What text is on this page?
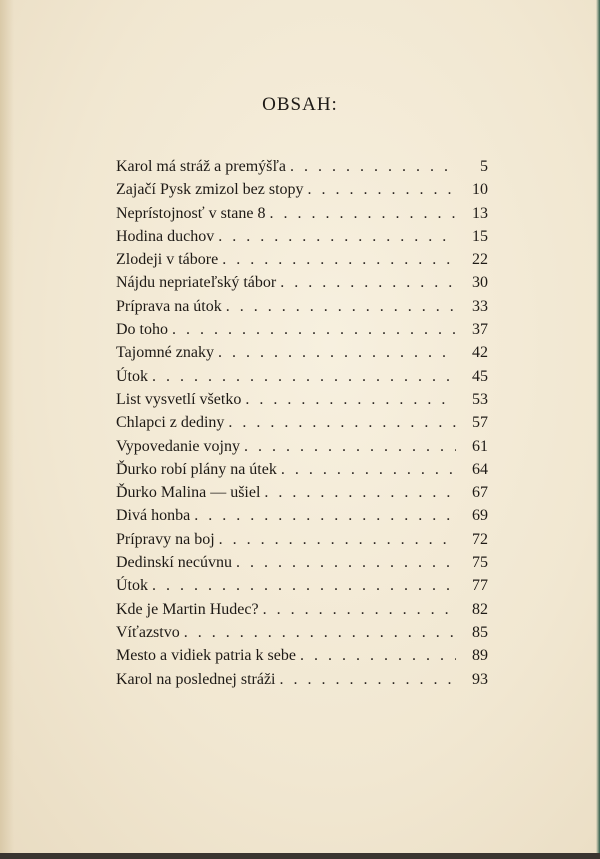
OBSAH:
Karol má stráž a premýšľa . . .	5
Zajačí Pysk zmizol bez stopy . . .	10
Neprístojnosť v stane 8 . . .	13
Hodina duchov . . .	15
Zlodeji v tábore . . .	22
Nájdu nepriateľský tábor . . .	30
Príprava na útok . . .	33
Do toho . . .	37
Tajomné znaky . . .	42
Útok . . .	45
List vysvetlí všetko . . .	53
Chlapci z dediny . . .	57
Vypovedanie vojny . . .	61
Ďurko robí plány na útek . . .	64
Ďurko Malina — ušiel . . .	67
Divá honba . . .	69
Prípravy na boj . . .	72
Dedinskí necúvnu . . .	75
Útok . . .	77
Kde je Martin Hudec? . . .	82
Víťazstvo . . .	85
Mesto a vidiek patria k sebe . . .	89
Karol na poslednej stráži . . .	93
